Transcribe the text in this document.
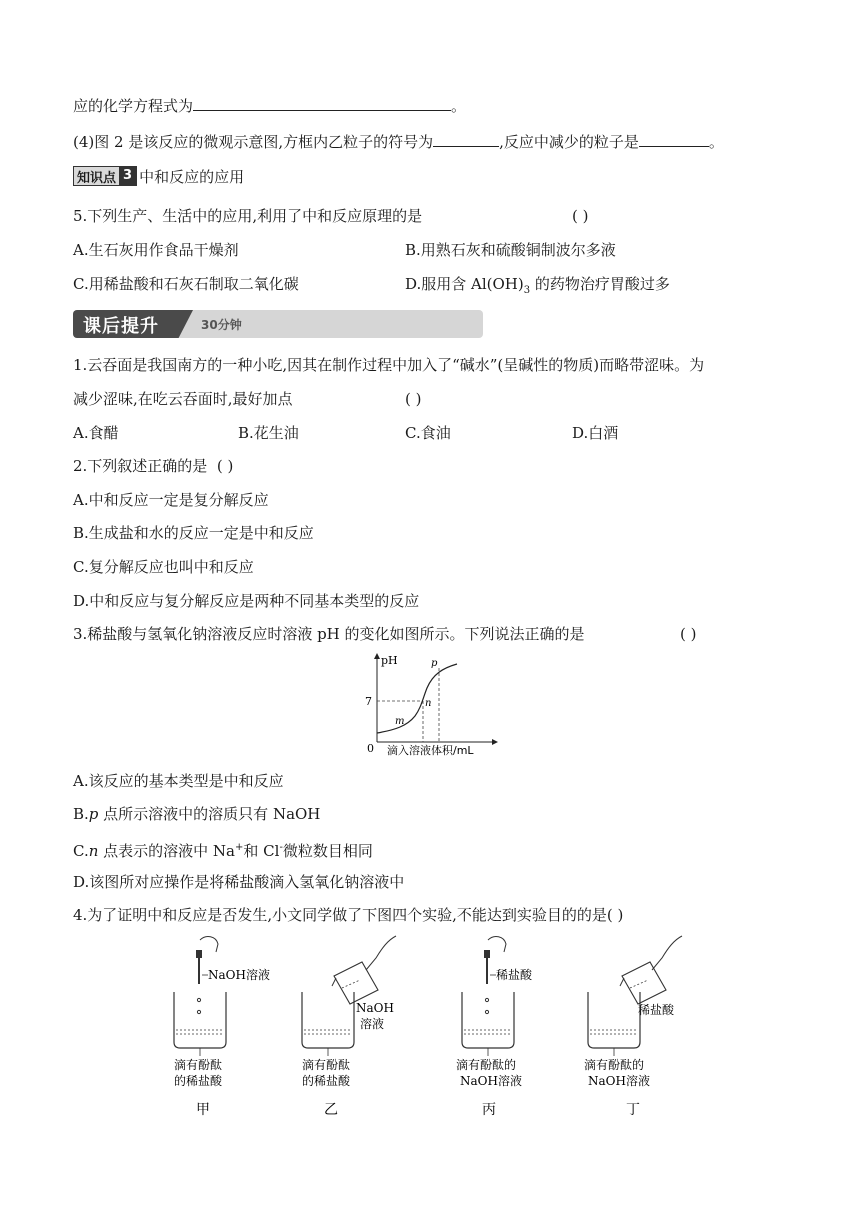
应的化学方程式为	。
(4)图 2 是该反应的微观示意图,方框内乙粒子的符号为	,反应中减少的粒子是	。
知识点 3 中和反应的应用
5.下列生产、生活中的应用,利用了中和反应原理的是	( )
A.生石灰用作食品干燥剂	B.用熟石灰和硫酸铜制波尔多液
C.用稀盐酸和石灰石制取二氧化碳	D.服用含 $Al(OH)_3$ 的药物治疗胃酸过多
课后提升	30分钟
1.云吞面是我国南方的一种小吃,因其在制作过程中加入了“碱水”(呈碱性的物质)而略带涩味。为
减少涩味,在吃云吞面时,最好加点	( )
A.食醋	B.花生油	C.食油	D.白酒
2.下列叙述正确的是 ( )
A.中和反应一定是复分解反应
B.生成盐和水的反应一定是中和反应
C.复分解反应也叫中和反应
D.中和反应与复分解反应是两种不同基本类型的反应
3.稀盐酸与氢氧化钠溶液反应时溶液 pH 的变化如图所示。下列说法正确的是	( )
pH
0 滴入溶液体积/mL
7
m
n
p
A.该反应的基本类型是中和反应
B.p 点所示溶液中的溶质只有 NaOH
C.n 点表示的溶液中 Na+和 Cl-微粒数目相同
D.该图所对应操作是将稀盐酸滴入氢氧化钠溶液中
4.为了证明中和反应是否发生,小文同学做了下图四个实验,不能达到实验目的的是( )
NaOH溶液
滴有酚酞
的稀盐酸
甲
NaOH
溶液
滴有酚酞
的稀盐酸
乙
稀盐酸
滴有酚酞的
NaOH溶液
丙
稀盐酸
滴有酚酞的
NaOH溶液
丁
